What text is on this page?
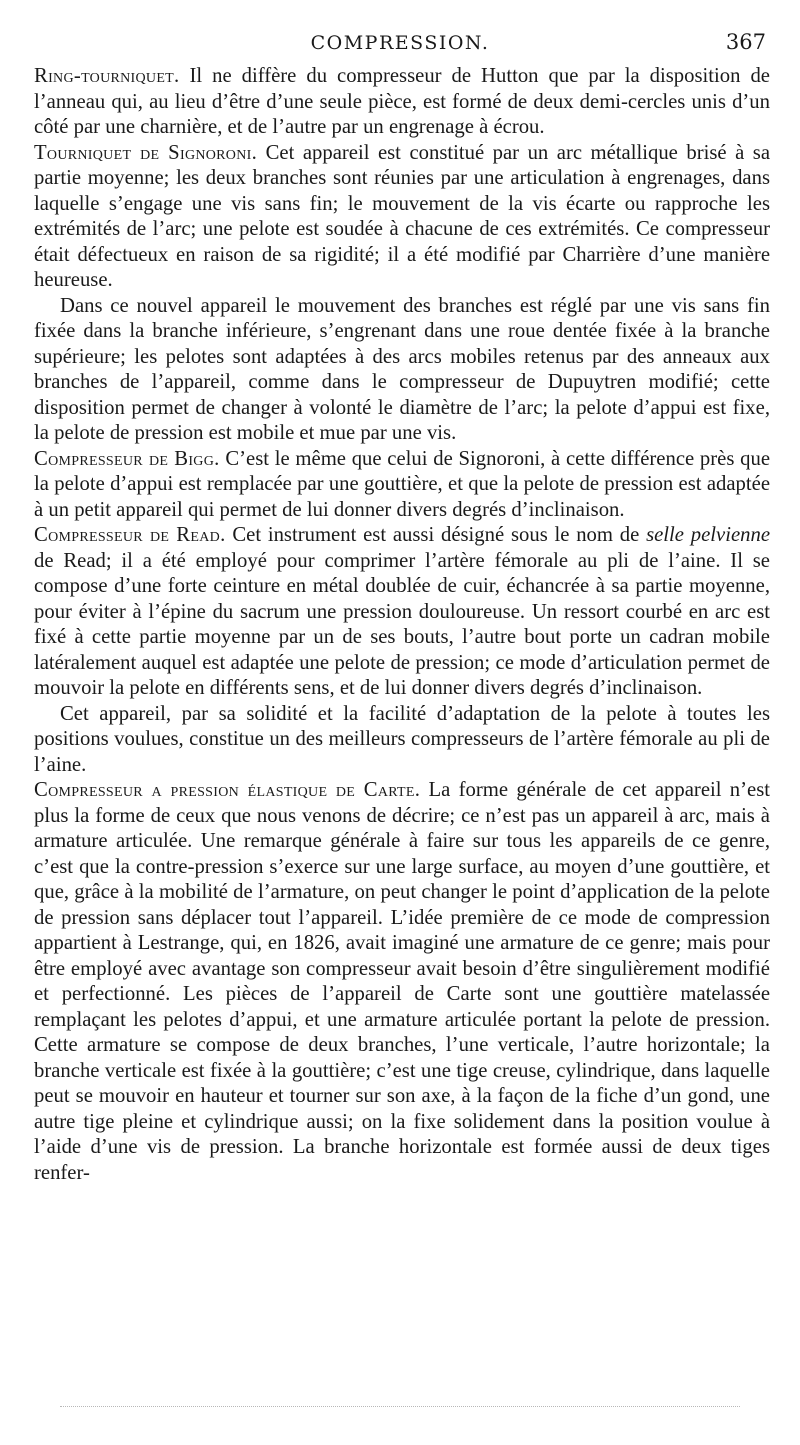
COMPRESSION.	367

Ring-tourniquet. Il ne diffère du compresseur de Hutton que par la disposition de l’anneau qui, au lieu d’être d’une seule pièce, est formé de deux demi-cercles unis d’un côté par une charnière, et de l’autre par un engrenage à écrou.

Tourniquet de Signoroni. Cet appareil est constitué par un arc métallique brisé à sa partie moyenne; les deux branches sont réunies par une articulation à engrenages, dans laquelle s’engage une vis sans fin; le mouvement de la vis écarte ou rapproche les extrémités de l’arc; une pelote est soudée à chacune de ces extrémités. Ce compresseur était défectueux en raison de sa rigidité; il a été modifié par Charrière d’une manière heureuse.

Dans ce nouvel appareil le mouvement des branches est réglé par une vis sans fin fixée dans la branche inférieure, s’engrenant dans une roue dentée fixée à la branche supérieure; les pelotes sont adaptées à des arcs mobiles retenus par des anneaux aux branches de l’appareil, comme dans le compresseur de Dupuytren modifié; cette disposition permet de changer à volonté le diamètre de l’arc; la pelote d’appui est fixe, la pelote de pression est mobile et mue par une vis.

Compresseur de Bigg. C’est le même que celui de Signoroni, à cette différence près que la pelote d’appui est remplacée par une gouttière, et que la pelote de pression est adaptée à un petit appareil qui permet de lui donner divers degrés d’inclinaison.

Compresseur de Read. Cet instrument est aussi désigné sous le nom de selle pelvienne de Read; il a été employé pour comprimer l’artère fémorale au pli de l’aine. Il se compose d’une forte ceinture en métal doublée de cuir, échancrée à sa partie moyenne, pour éviter à l’épine du sacrum une pression douloureuse. Un ressort courbé en arc est fixé à cette partie moyenne par un de ses bouts, l’autre bout porte un cadran mobile latéralement auquel est adaptée une pelote de pression; ce mode d’articulation permet de mouvoir la pelote en différents sens, et de lui donner divers degrés d’inclinaison.

Cet appareil, par sa solidité et la facilité d’adaptation de la pelote à toutes les positions voulues, constitue un des meilleurs compresseurs de l’artère fémorale au pli de l’aine.

Compresseur a pression élastique de Carte. La forme générale de cet appareil n’est plus la forme de ceux que nous venons de décrire; ce n’est pas un appareil à arc, mais à armature articulée. Une remarque générale à faire sur tous les appareils de ce genre, c’est que la contre-pression s’exerce sur une large surface, au moyen d’une gouttière, et que, grâce à la mobilité de l’armature, on peut changer le point d’application de la pelote de pression sans déplacer tout l’appareil. L’idée première de ce mode de compression appartient à Lestrange, qui, en 1826, avait imaginé une armature de ce genre; mais pour être employé avec avantage son compresseur avait besoin d’être singulièrement modifié et perfectionné. Les pièces de l’appareil de Carte sont une gouttière matelassée remplaçant les pelotes d’appui, et une armature articulée portant la pelote de pression. Cette armature se compose de deux branches, l’une verticale, l’autre horizontale; la branche verticale est fixée à la gouttière; c’est une tige creuse, cylindrique, dans laquelle peut se mouvoir en hauteur et tourner sur son axe, à la façon de la fiche d’un gond, une autre tige pleine et cylindrique aussi; on la fixe solidement dans la position voulue à l’aide d’une vis de pression. La branche horizontale est formée aussi de deux tiges renfer-
